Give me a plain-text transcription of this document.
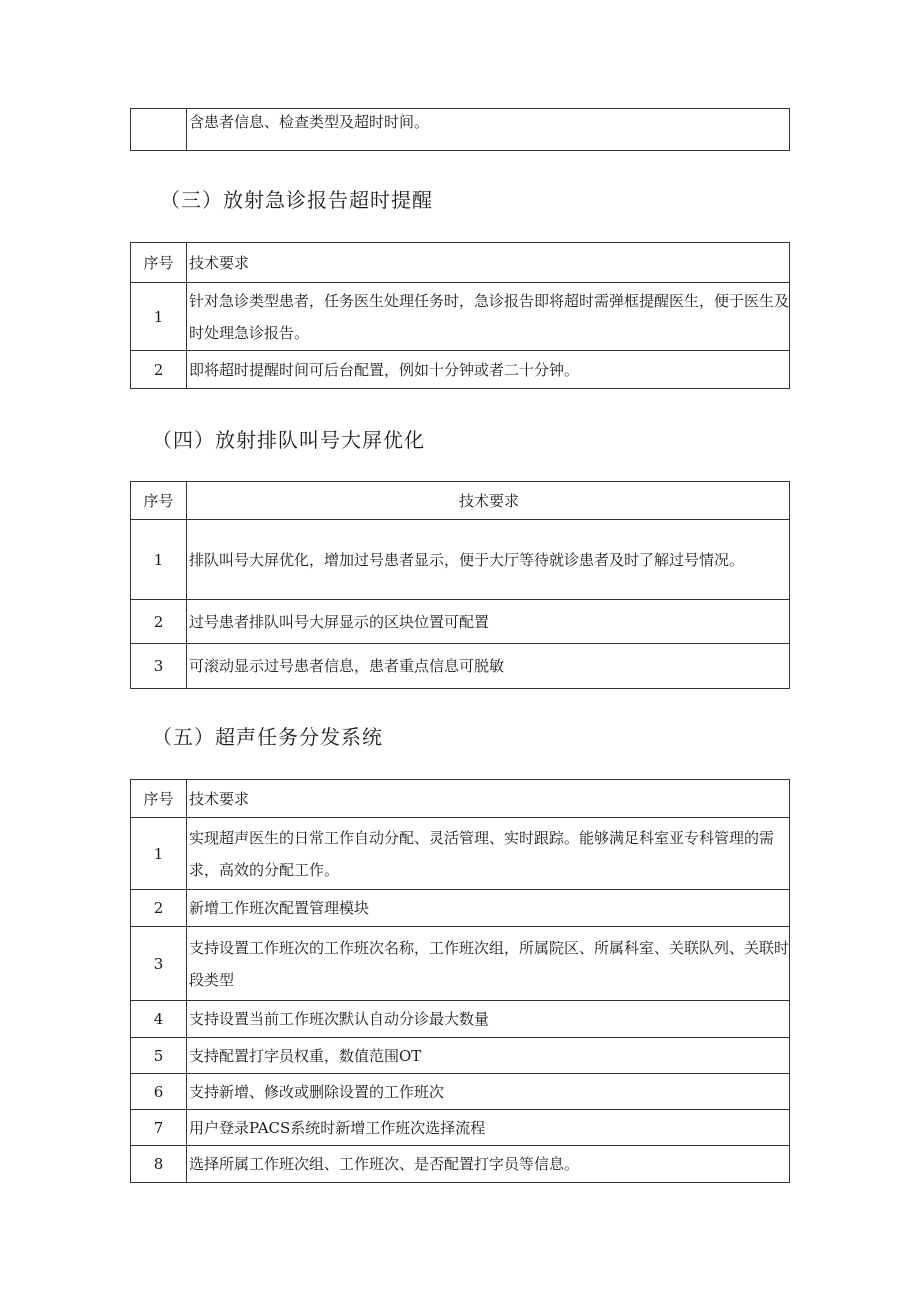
	含患者信息、检查类型及超时时间。
（三）放射急诊报告超时提醒
序号	技术要求
1	针对急诊类型患者，任务医生处理任务时，急诊报告即将超时需弹框提醒医生，便于医生及时处理急诊报告。
2	即将超时提醒时间可后台配置，例如十分钟或者二十分钟。
（四）放射排队叫号大屏优化
序号	技术要求
1	排队叫号大屏优化，增加过号患者显示，便于大厅等待就诊患者及时了解过号情况。
2	过号患者排队叫号大屏显示的区块位置可配置
3	可滚动显示过号患者信息，患者重点信息可脱敏
（五）超声任务分发系统
序号	技术要求
1	实现超声医生的日常工作自动分配、灵活管理、实时跟踪。能够满足科室亚专科管理的需求，高效的分配工作。
2	新增工作班次配置管理模块
3	支持设置工作班次的工作班次名称，工作班次组，所属院区、所属科室、关联队列、关联时段类型
4	支持设置当前工作班次默认自动分诊最大数量
5	支持配置打字员权重，数值范围OT
6	支持新增、修改或删除设置的工作班次
7	用户登录PACS系统时新增工作班次选择流程
8	选择所属工作班次组、工作班次、是否配置打字员等信息。
